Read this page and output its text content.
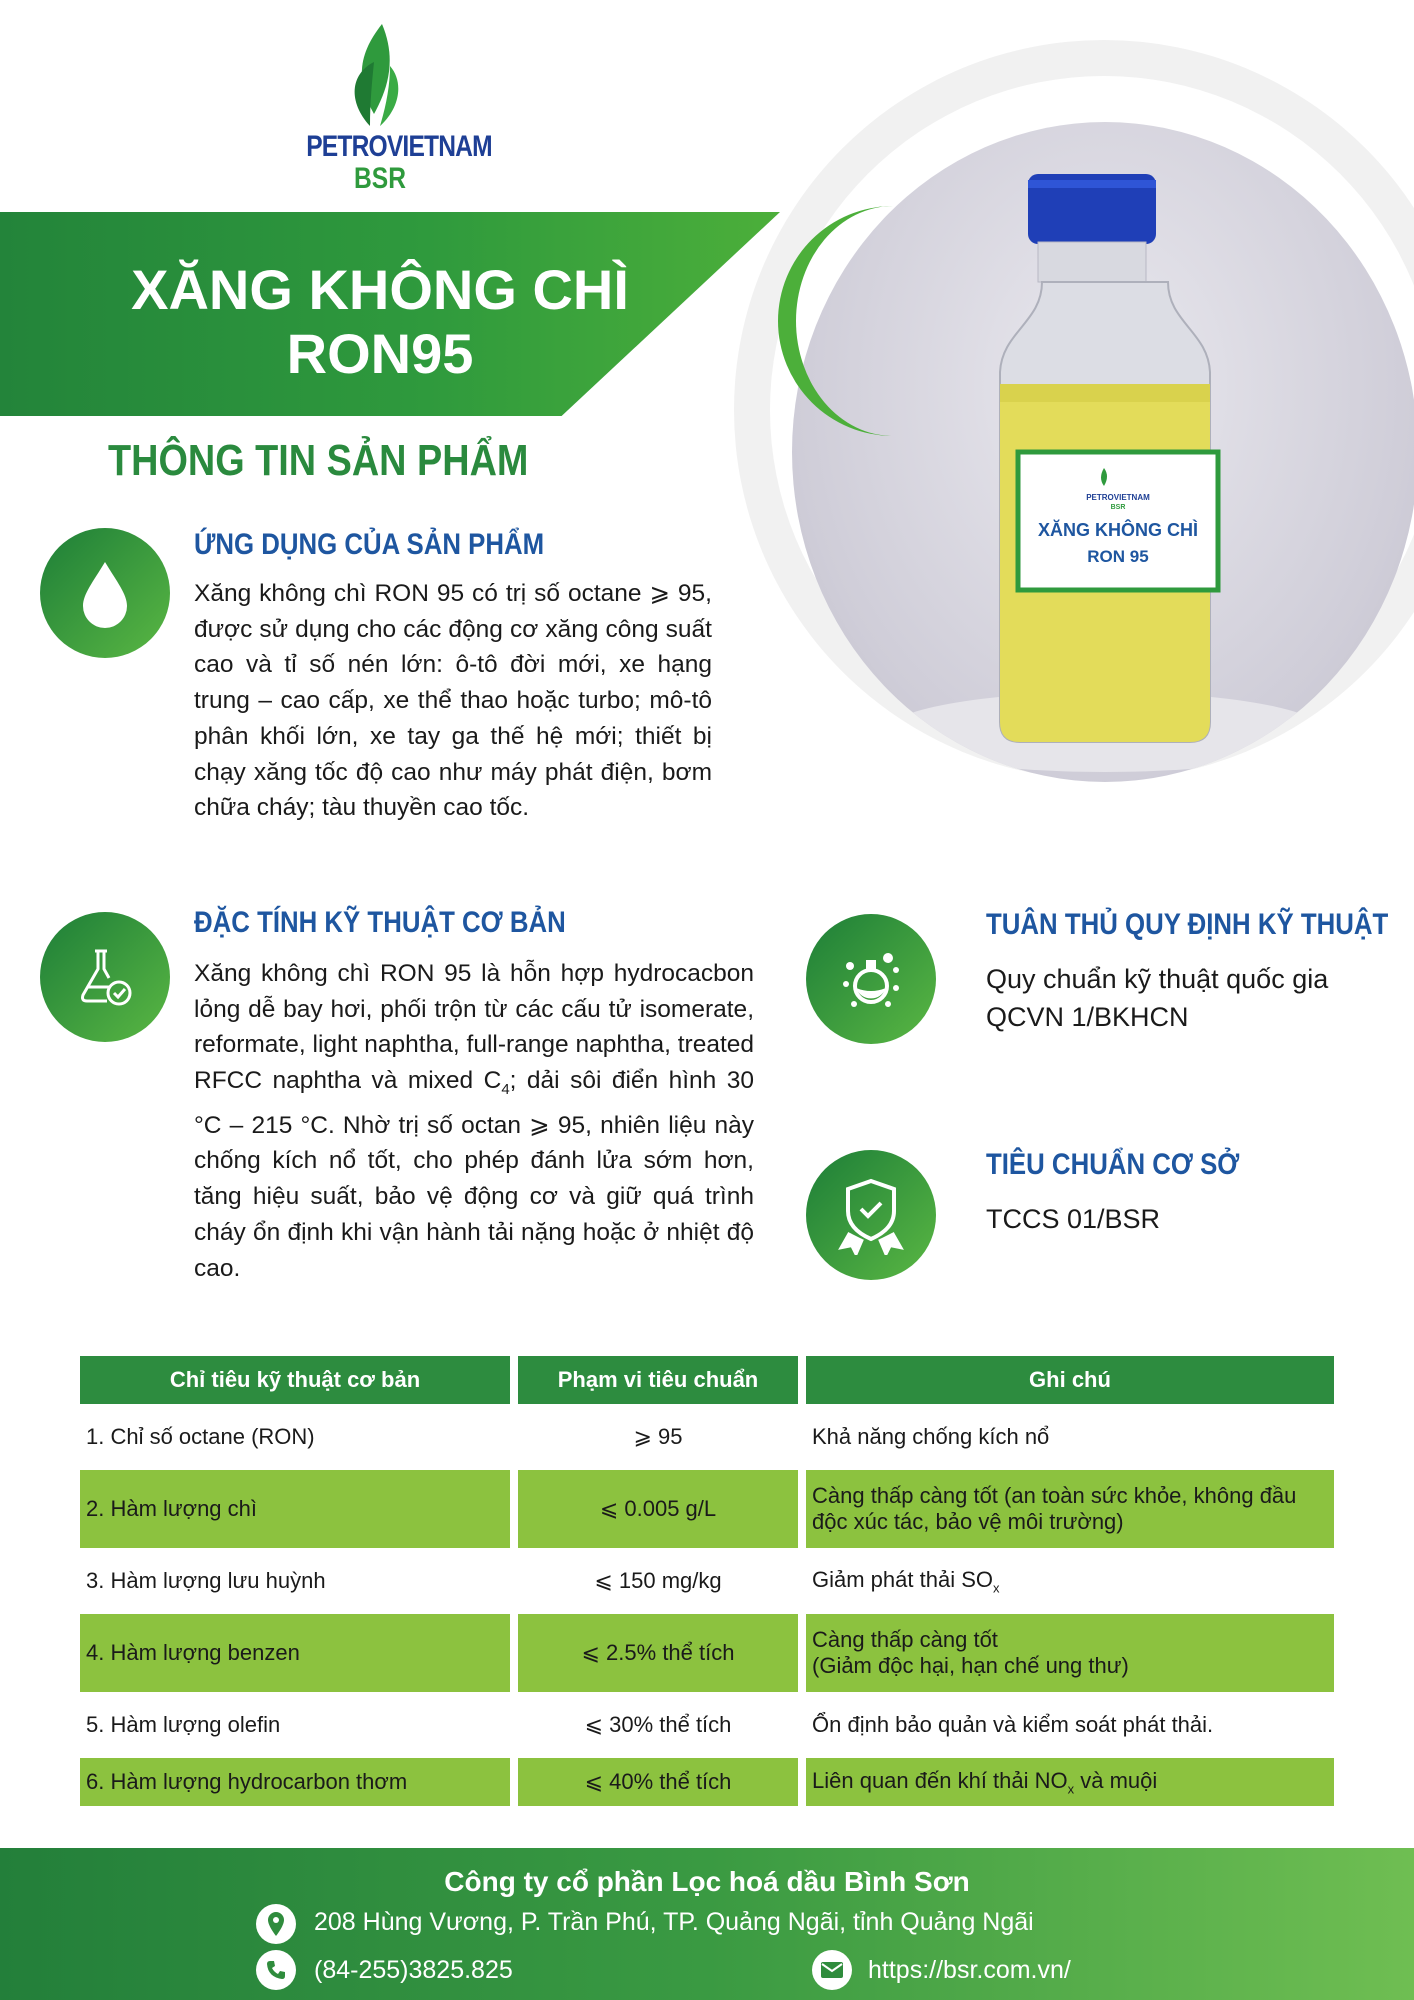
PETROVIETNAM
BSR
XĂNG KHÔNG CHÌ
RON 95
PETROVIETNAM
BSR
XĂNG KHÔNG CHÌ
RON95
THÔNG TIN SẢN PHẨM
ỨNG DỤNG CỦA SẢN PHẨM
Xăng không chì RON 95 có trị số octane ⩾ 95, được sử dụng cho các động cơ xăng công suất cao và tỉ số nén lớn: ô-tô đời mới, xe hạng trung – cao cấp, xe thể thao hoặc turbo; mô-tô phân khối lớn, xe tay ga thế hệ mới; thiết bị chạy xăng tốc độ cao như máy phát điện, bơm chữa cháy; tàu thuyền cao tốc.
ĐẶC TÍNH KỸ THUẬT CƠ BẢN
Xăng không chì RON 95 là hỗn hợp hydrocacbon lỏng dễ bay hơi, phối trộn từ các cấu tử isomerate, reformate, light naphtha, full-range naphtha, treated RFCC naphtha và mixed $C_4$; dải sôi điển hình 30 °C – 215 °C. Nhờ trị số octan ⩾ 95, nhiên liệu này chống kích nổ tốt, cho phép đánh lửa sớm hơn, tăng hiệu suất, bảo vệ động cơ và giữ quá trình cháy ổn định khi vận hành tải nặng hoặc ở nhiệt độ cao.
TUÂN THỦ QUY ĐỊNH KỸ THUẬT
Quy chuẩn kỹ thuật quốc gia QCVN 1/BKHCN
TIÊU CHUẨN CƠ SỞ
TCCS 01/BSR
Chỉ tiêu kỹ thuật cơ bản	Phạm vi tiêu chuẩn	Ghi chú
1. Chỉ số octane (RON)	⩾ 95	Khả năng chống kích nổ
2. Hàm lượng chì	⩽ 0.005 g/L	Càng thấp càng tốt (an toàn sức khỏe, không đầu độc xúc tác, bảo vệ môi trường)
3. Hàm lượng lưu huỳnh	⩽ 150 mg/kg	Giảm phát thải $SO_x$
4. Hàm lượng benzen	⩽ 2.5% thể tích	Càng thấp càng tốt
(Giảm độc hại, hạn chế ung thư)

5. Hàm lượng olefin	⩽ 30% thể tích	Ổn định bảo quản và kiểm soát phát thải.
6. Hàm lượng hydrocarbon thơm	⩽ 40% thể tích	Liên quan đến khí thải $NO_x$ và muội
Công ty cổ phần Lọc hoá dầu Bình Sơn
208 Hùng Vương, P. Trần Phú, TP. Quảng Ngãi, tỉnh Quảng Ngãi
(84-255)3825.825	https://bsr.com.vn/
